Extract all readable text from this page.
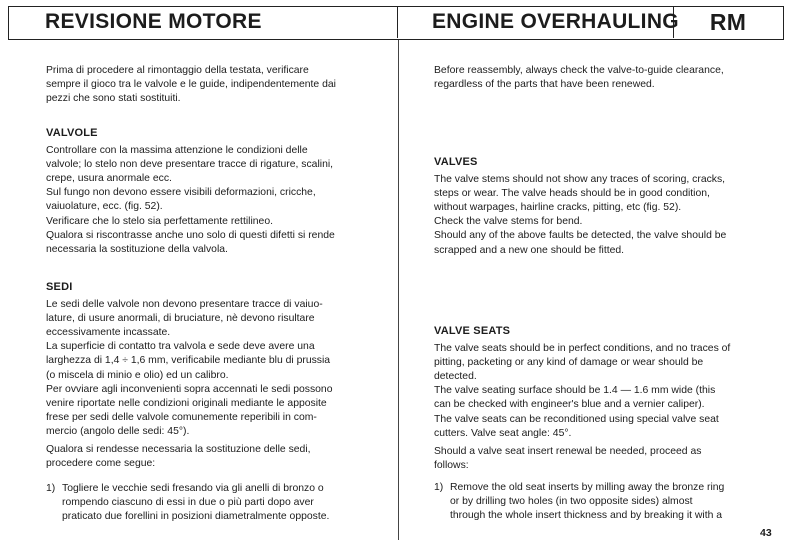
REVISIONE MOTORE	ENGINE OVERHAULING	RM

Prima di procedere al rimontaggio della testata, verificare
sempre il gioco tra le valvole e le guide, indipendentemente dai
pezzi che sono stati sostituiti.

VALVOLE

Controllare con la massima attenzione le condizioni delle
valvole; lo stelo non deve presentare tracce di rigature, scalini,
crepe, usura anormale ecc.
Sul fungo non devono essere visibili deformazioni, cricche,
vaiuolature, ecc. (fig. 52).
Verificare che lo stelo sia perfettamente rettilineo.
Qualora si riscontrasse anche uno solo di questi difetti si rende
necessaria la sostituzione della valvola.

SEDI

Le sedi delle valvole non devono presentare tracce di vaiuo-
lature, di usure anormali, di bruciature, nè devono risultare
eccessivamente incassate.
La superficie di contatto tra valvola e sede deve avere una
larghezza di 1,4 ÷ 1,6 mm, verificabile mediante blu di prussia
(o miscela di minio e olio) ed un calibro.
Per ovviare agli inconvenienti sopra accennati le sedi possono
venire riportate nelle condizioni originali mediante le apposite
frese per sedi delle valvole comunemente reperibili in com-
mercio (angolo delle sedi: 45°).

Qualora si rendesse necessaria la sostituzione delle sedi,
procedere come segue:

1) Togliere le vecchie sedi fresando via gli anelli di bronzo o
rompendo ciascuno di essi in due o più parti dopo aver
praticato due forellini in posizioni diametralmente opposte.

Before reassembly, always check the valve-to-guide clearance,
regardless of the parts that have been renewed.

VALVES

The valve stems should not show any traces of scoring, cracks,
steps or wear. The valve heads should be in good condition,
without warpages, hairline cracks, pitting, etc (fig. 52).
Check the valve stems for bend.
Should any of the above faults be detected, the valve should be
scrapped and a new one should be fitted.

VALVE SEATS

The valve seats should be in perfect conditions, and no traces of
pitting, packeting or any kind of damage or wear should be
detected.
The valve seating surface should be 1.4 — 1.6 mm wide (this
can be checked with engineer's blue and a vernier caliper).
The valve seats can be reconditioned using special valve seat
cutters. Valve seat angle: 45°.

Should a valve seat insert renewal be needed, proceed as
follows:

1) Remove the old seat inserts by milling away the bronze ring
or by drilling two holes (in two opposite sides) almost
through the whole insert thickness and by breaking it with a

43
